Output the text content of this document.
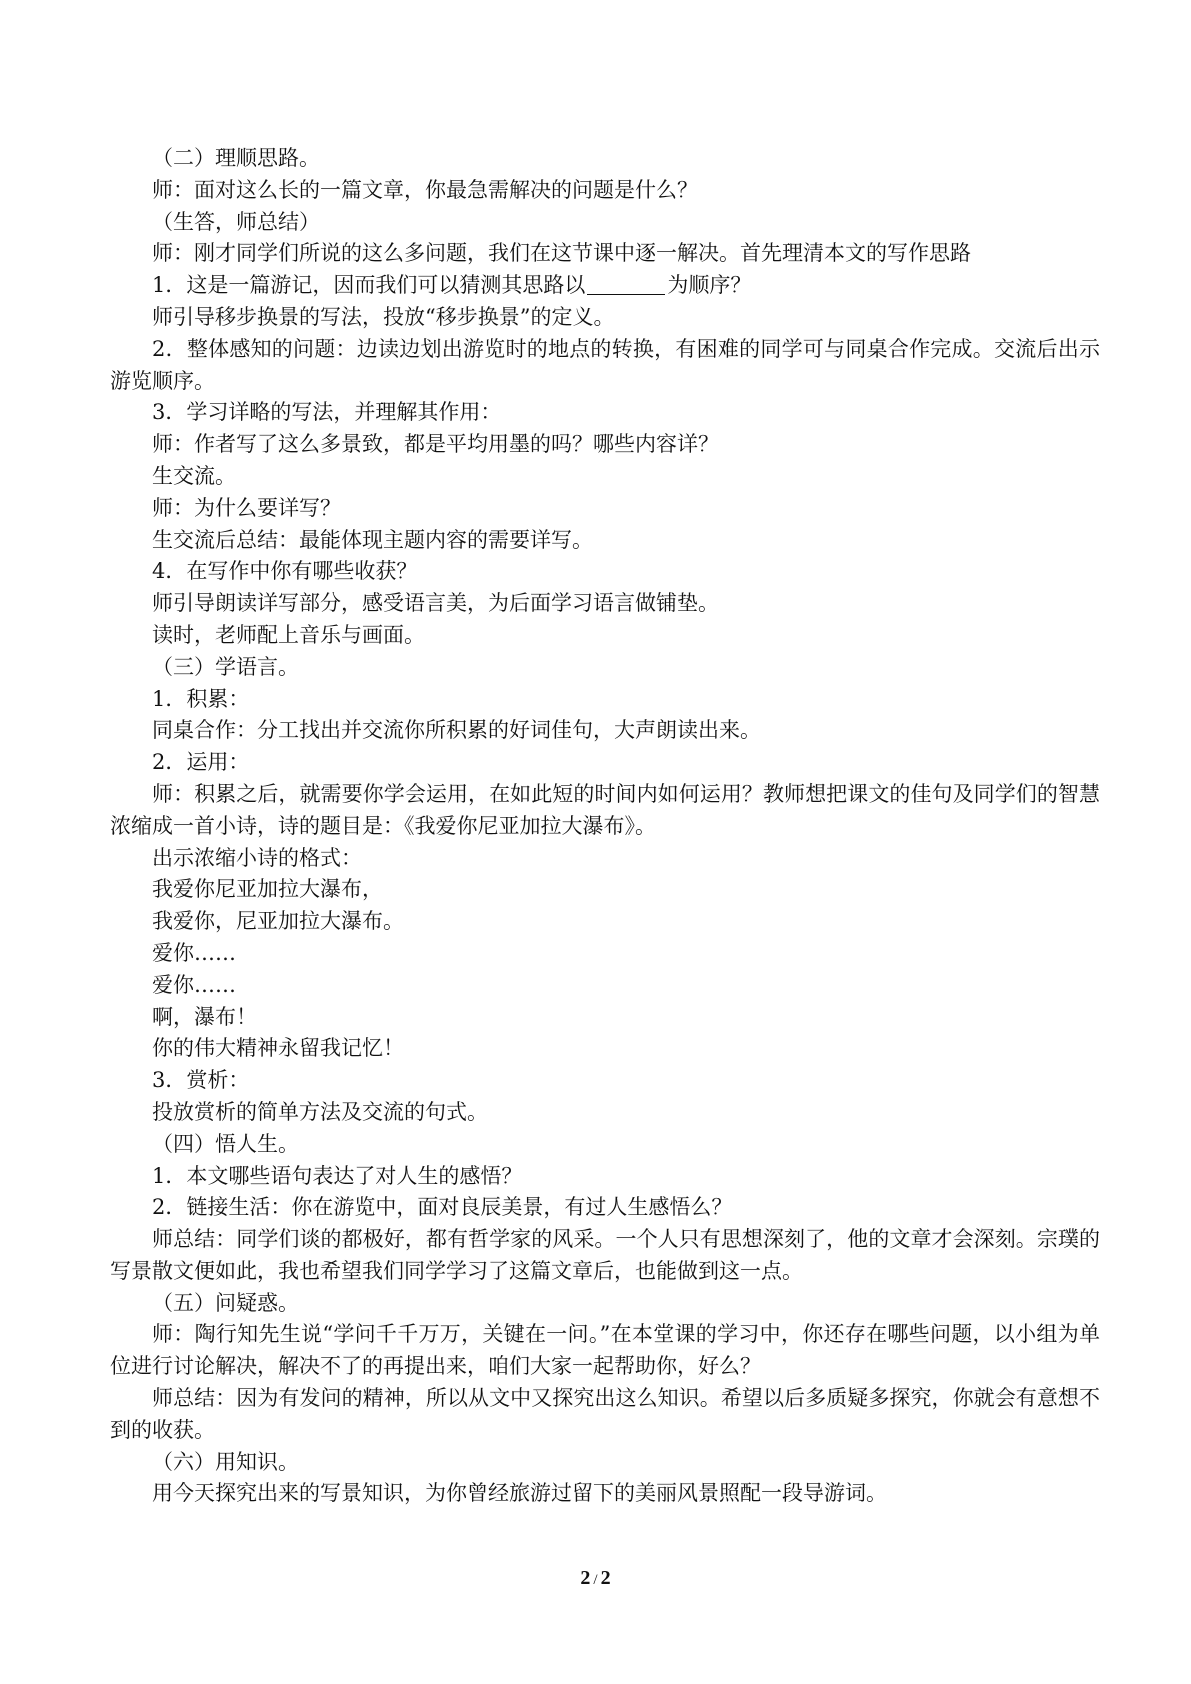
（二）理顺思路。

师：面对这么长的一篇文章，你最急需解决的问题是什么？

（生答，师总结）

师：刚才同学们所说的这么多问题，我们在这节课中逐一解决。首先理清本文的写作思路

1．这是一篇游记，因而我们可以猜测其思路以	为顺序？

师引导移步换景的写法，投放“移步换景”的定义。

2．整体感知的问题：边读边划出游览时的地点的转换，有困难的同学可与同桌合作完成。交流后出示游览顺序。

3．学习详略的写法，并理解其作用：

师：作者写了这么多景致，都是平均用墨的吗？哪些内容详？

生交流。

师：为什么要详写？

生交流后总结：最能体现主题内容的需要详写。

4．在写作中你有哪些收获？

师引导朗读详写部分，感受语言美，为后面学习语言做铺垫。

读时，老师配上音乐与画面。

（三）学语言。

1．积累：

同桌合作：分工找出并交流你所积累的好词佳句，大声朗读出来。

2．运用：

师：积累之后，就需要你学会运用，在如此短的时间内如何运用？教师想把课文的佳句及同学们的智慧浓缩成一首小诗，诗的题目是：《我爱你尼亚加拉大瀑布》。

出示浓缩小诗的格式：

我爱你尼亚加拉大瀑布，

我爱你，尼亚加拉大瀑布。

爱你……

爱你……

啊，瀑布！

你的伟大精神永留我记忆！

3．赏析：

投放赏析的简单方法及交流的句式。

（四）悟人生。

1．本文哪些语句表达了对人生的感悟？

2．链接生活：你在游览中，面对良辰美景，有过人生感悟么？

师总结：同学们谈的都极好，都有哲学家的风采。一个人只有思想深刻了，他的文章才会深刻。宗璞的写景散文便如此，我也希望我们同学学习了这篇文章后，也能做到这一点。

（五）问疑惑。

师：陶行知先生说“学问千千万万，关键在一问。”在本堂课的学习中，你还存在哪些问题，以小组为单位进行讨论解决，解决不了的再提出来，咱们大家一起帮助你，好么？

师总结：因为有发问的精神，所以从文中又探究出这么知识。希望以后多质疑多探究，你就会有意想不到的收获。

（六）用知识。

用今天探究出来的写景知识，为你曾经旅游过留下的美丽风景照配一段导游词。

2 / 2
